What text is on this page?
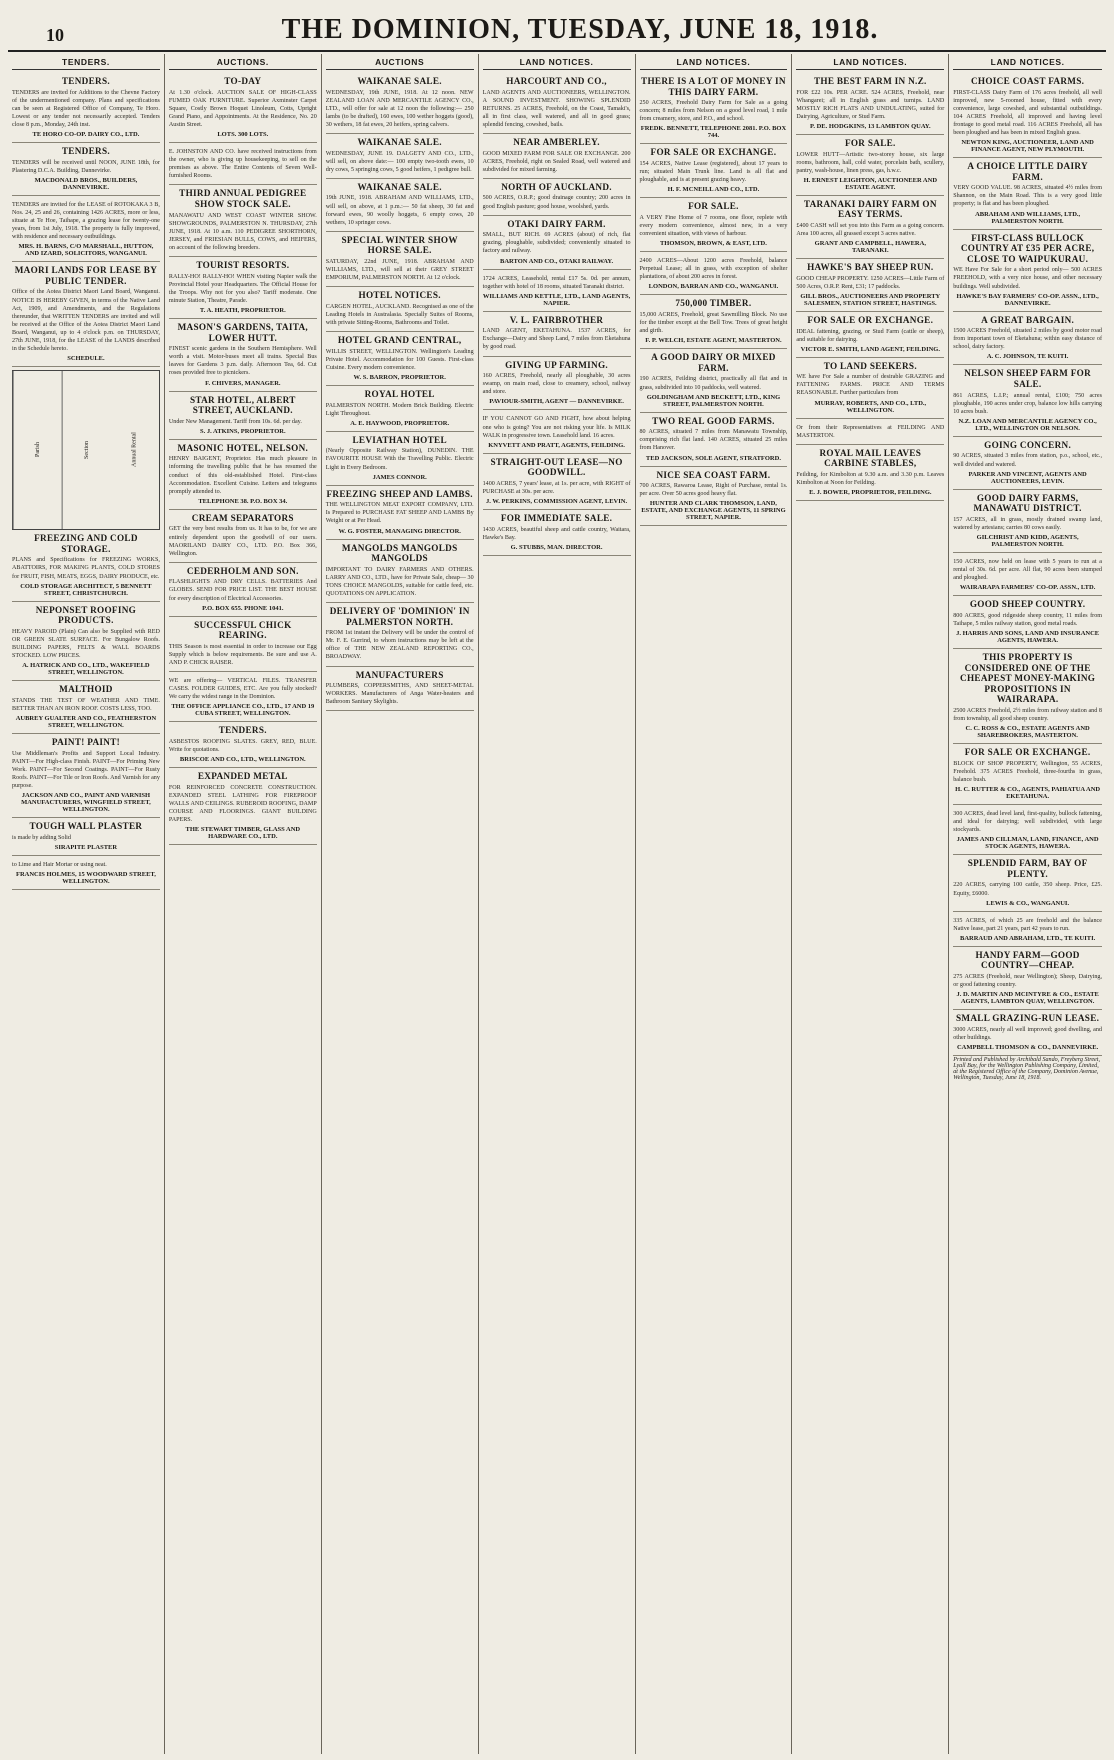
10	THE DOMINION, TUESDAY, JUNE 18, 1918.
TENDERS.
TENDERS.
TENDERS are invited for Additions to the Chevne Factory of the undermentioned company. Plans and specifications can be seen at Registered Office of Company, Te Horo. Lowest or any tender not necessarily accepted. Tenders close 8 p.m., Monday, 24th inst.
TE HORO CO-OP. DAIRY CO., LTD.
TENDERS.
TENDERS will be received until NOON, JUNE 18th, for Plastering D.C.A. Building, Dannevirke.
MACDONALD BROS., BUILDERS, DANNEVIRKE.
TENDERS are invited for the LEASE of ROTOKAKA 3 B, Nos. 24, 25 and 26, containing 1426 ACRES, more or less, situate at Te Hoe, Taihape, a grazing lease for twenty-one years, from 1st July, 1918. The property is fully improved, with residence and necessary outbuildings.
MRS. H. BARNS, C/O MARSHALL, HUTTON, AND IZARD, SOLICITORS, WANGANUI.
MAORI LANDS FOR LEASE BY PUBLIC TENDER.
Office of the Aotea District Maori Land Board, Wanganui. NOTICE IS HEREBY GIVEN, in terms of the Native Land Act, 1909, and Amendments, and the Regulations thereunder, that WRITTEN TENDERS are invited and will be received at the Office of the Aotea District Maori Land Board, Wanganui, up to 4 o'clock p.m. on THURSDAY, 27th JUNE, 1918, for the LEASE of the LANDS described in the Schedule hereto.
SCHEDULE.
Parish	Section	Annual Rental
FREEZING AND COLD STORAGE.
PLANS and Specifications for FREEZING WORKS, ABATTOIRS, FOR MAKING PLANTS, COLD STORES for FRUIT, FISH, MEATS, EGGS, DAIRY PRODUCE, etc.
COLD STORAGE ARCHITECT, 5 BENNETT STREET, CHRISTCHURCH.
NEPONSET ROOFING PRODUCTS.
HEAVY PAROID (Plain) Can also be Supplied with RED OR GREEN SLATE SURFACE. For Bungalow Roofs. BUILDING PAPERS, FELTS & WALL BOARDS STOCKED. LOW PRICES.
A. HATRICK AND CO., LTD., WAKEFIELD STREET, WELLINGTON.
MALTHOID
STANDS THE TEST OF WEATHER AND TIME. BETTER THAN AN IRON ROOF. COSTS LESS, TOO.
AUBREY GUALTER AND CO., FEATHERSTON STREET, WELLINGTON.
PAINT! PAINT!
Use Middleman's Profits and Support Local Industry. PAINT—For High-class Finish. PAINT—For Priming New Work. PAINT—For Second Coatings. PAINT—For Rusty Roofs. PAINT—For Tile or Iron Roofs. And Varnish for any purpose.
JACKSON AND CO., PAINT AND VARNISH MANUFACTURERS, WINGFIELD STREET, WELLINGTON.
TOUGH WALL PLASTER
is made by adding Solid
SIRAPITE PLASTER
to Lime and Hair Mortar or using neat.
FRANCIS HOLMES, 15 WOODWARD STREET, WELLINGTON.
AUCTIONS.
TO-DAY
At 1.30 o'clock. AUCTION SALE OF HIGH-CLASS FUMED OAK FURNITURE. Superior Axminster Carpet Square, Costly Brown Hoquet Linoleum, Cotts, Upright Grand Piano, and Appointments. At the Residence, No. 20 Austin Street.
LOTS. 300 LOTS.
E. JOHNSTON AND CO. have received instructions from the owner, who is giving up housekeeping, to sell on the premises as above. The Entire Contents of Seven Well-furnished Rooms.
THIRD ANNUAL PEDIGREE SHOW STOCK SALE.
MANAWATU AND WEST COAST WINTER SHOW. SHOWGROUNDS, PALMERSTON N. THURSDAY, 27th JUNE, 1918. At 10 a.m. 110 PEDIGREE SHORTHORN, JERSEY, and FRIESIAN BULLS, COWS, and HEIFERS, on account of the following breeders.
TOURIST RESORTS.
RALLY-HO! RALLY-HO! WHEN visiting Napier walk the Provincial Hotel your Headquarters. The Official House for the Troops. Why not for you also? Tariff moderate. One minute Station, Theatre, Parade.
T. A. HEATH, PROPRIETOR.
MASON'S GARDENS, TAITA, LOWER HUTT.
FINEST scenic gardens in the Southern Hemisphere. Well worth a visit. Motor-buses meet all trains. Special Bus leaves for Gardens 3 p.m. daily. Afternoon Tea, 6d. Cut roses provided free to picnickers.
F. CHIVERS, MANAGER.
STAR HOTEL, ALBERT STREET, AUCKLAND.
Under New Management. Tariff from 10s. 6d. per day.
S. J. ATKINS, PROPRIETOR.
MASONIC HOTEL, NELSON.
HENRY BAIGENT, Proprietor. Has much pleasure in informing the travelling public that he has resumed the conduct of this old-established Hotel. First-class Accommodation. Excellent Cuisine. Letters and telegrams promptly attended to.
TELEPHONE 38. P.O. BOX 34.
CREAM SEPARATORS
GET the very best results from us. It has to be, for we are entirely dependent upon the goodwill of our users. MAORILAND DAIRY CO., LTD. P.O. Box 366, Wellington.
CEDERHOLM AND SON.
FLASHLIGHTS AND DRY CELLS. BATTERIES And GLOBES. SEND FOR PRICE LIST. THE BEST HOUSE for every description of Electrical Accessories.
P.O. BOX 655. PHONE 1041.
SUCCESSFUL CHICK REARING.
THIS Season is most essential in order to increase our Egg Supply which is below requirements. Be sure and use A. AND P. CHICK RAISER.
WE are offering— VERTICAL FILES. TRANSFER CASES. FOLDER GUIDES, ETC. Are you fully stocked? We carry the widest range in the Dominion.
THE OFFICE APPLIANCE CO., LTD., 17 AND 19 CUBA STREET, WELLINGTON.
TENDERS.
ASBESTOS ROOFING SLATES. GREY, RED, BLUE. Write for quotations.
BRISCOE AND CO., LTD., WELLINGTON.
EXPANDED METAL
FOR REINFORCED CONCRETE CONSTRUCTION. EXPANDED STEEL LATHING FOR FIREPROOF WALLS AND CEILINGS. RUBEROID ROOFING, DAMP COURSE AND FLOORINGS. GIANT BUILDING PAPERS.
THE STEWART TIMBER, GLASS AND HARDWARE CO., LTD.
AUCTIONS
WAIKANAE SALE.
WEDNESDAY, 19th JUNE, 1918. At 12 noon. NEW ZEALAND LOAN AND MERCANTILE AGENCY CO., LTD., will offer for sale at 12 noon the following:— 250 lambs (to be drafted), 160 ewes, 100 wether hoggets (good), 30 wethers, 18 fat ewes, 20 heifers, spring calvers.
WAIKANAE SALE.
WEDNESDAY, JUNE 19. DALGETY AND CO., LTD., will sell, on above date:— 100 empty two-tooth ewes, 10 dry cows, 5 springing cows, 5 good heifers, 1 pedigree bull.
WAIKANAE SALE.
19th JUNE, 1918. ABRAHAM AND WILLIAMS, LTD., will sell, on above, at 1 p.m.:— 50 fat sheep, 30 fat and forward ewes, 90 woolly hoggets, 6 empty cows, 20 wethers, 10 springer cows.
SPECIAL WINTER SHOW HORSE SALE.
SATURDAY, 22nd JUNE, 1918. ABRAHAM AND WILLIAMS, LTD., will sell at their GREY STREET EMPORIUM, PALMERSTON NORTH. At 12 o'clock.
HOTEL NOTICES.
CARGEN HOTEL, AUCKLAND. Recognised as one of the Leading Hotels in Australasia. Specially Suites of Rooms, with private Sitting-Rooms, Bathrooms and Toilet.
HOTEL GRAND CENTRAL,
WILLIS STREET, WELLINGTON. Wellington's Leading Private Hotel. Accommodation for 100 Guests. First-class Cuisine. Every modern convenience.
W. S. BARRON, PROPRIETOR.
ROYAL HOTEL
PALMERSTON NORTH. Modern Brick Building. Electric Light Throughout.
A. E. HAYWOOD, PROPRIETOR.
LEVIATHAN HOTEL
(Nearly Opposite Railway Station), DUNEDIN. THE FAVOURITE HOUSE With the Travelling Public. Electric Light in Every Bedroom.
JAMES CONNOR.
FREEZING SHEEP AND LAMBS.
THE WELLINGTON MEAT EXPORT COMPANY, LTD. Is Prepared to PURCHASE FAT SHEEP AND LAMBS By Weight or at Per Head.
W. G. FOSTER, MANAGING DIRECTOR.
MANGOLDS MANGOLDS MANGOLDS
IMPORTANT TO DAIRY FARMERS AND OTHERS. LARRY AND CO., LTD., have for Private Sale, cheap— 30 TONS CHOICE MANGOLDS, suitable for cattle feed, etc. QUOTATIONS ON APPLICATION.
DELIVERY OF 'DOMINION' IN PALMERSTON NORTH.
FROM 1st instant the Delivery will be under the control of Mr. F. E. Gurrind, to whom instructions may be left at the office of THE NEW ZEALAND REPORTING CO., BROADWAY.
MANUFACTURERS
PLUMBERS, COPPERSMITHS, AND SHEET-METAL WORKERS. Manufacturers of Anga Water-heaters and Bathroom Sanitary Skylights.
LAND NOTICES.
HARCOURT AND CO.,
LAND AGENTS AND AUCTIONEERS, WELLINGTON. A SOUND INVESTMENT. SHOWING SPLENDID RETURNS. 25 ACRES, Freehold, on the Coast, Tamaki's, all in first class, well watered, and all in good grass; splendid fencing, cowshed, bails.
NEAR AMBERLEY.
GOOD MIXED FARM FOR SALE OR EXCHANGE. 200 ACRES, Freehold, right on Sealed Road, well watered and subdivided for mixed farming.
NORTH OF AUCKLAND.
500 ACRES, O.R.P.; good drainage country; 200 acres in good English pasture; good house, woolshed, yards.
OTAKI DAIRY FARM.
SMALL, BUT RICH. 69 ACRES (about) of rich, flat grazing, ploughable, subdivided; conveniently situated to factory and railway.
BARTON AND CO., OTAKI RAILWAY.
1724 ACRES, Leasehold, rental £17 5s. 0d. per annum, together with hotel of 18 rooms, situated Taranaki district.
WILLIAMS AND KETTLE, LTD., LAND AGENTS, NAPIER.
V. L. FAIRBROTHER
LAND AGENT, EKETAHUNA. 1537 ACRES, for Exchange—Dairy and Sheep Land, 7 miles from Eketahuna by good road.
GIVING UP FARMING.
160 ACRES, Freehold, nearly all ploughable, 30 acres swamp, on main road, close to creamery, school, railway and store.
PAVIOUR-SMITH, AGENT — DANNEVIRKE.
IF YOU CANNOT GO AND FIGHT, how about helping one who is going? You are not risking your life. Is MILK WALK in progressive town. Leasehold land. 16 acres.
KNYVETT AND PRATT, AGENTS, FEILDING.
STRAIGHT-OUT LEASE—NO GOODWILL.
1400 ACRES, 7 years' lease, at 1s. per acre, with RIGHT of PURCHASE at 30s. per acre.
J. W. PERKINS, COMMISSION AGENT, LEVIN.
FOR IMMEDIATE SALE.
1430 ACRES, beautiful sheep and cattle country, Waitara, Hawke's Bay.
G. STUBBS, MAN. DIRECTOR.
LAND NOTICES.
THERE IS A LOT OF MONEY IN THIS DAIRY FARM.
250 ACRES, Freehold Dairy Farm for Sale as a going concern; 8 miles from Nelson on a good level road, 1 mile from creamery, store, and P.O., and school.
FREDK. BENNETT, TELEPHONE 2081. P.O. BOX 744.
FOR SALE OR EXCHANGE.
154 ACRES, Native Lease (registered), about 17 years to run; situated Main Trunk line. Land is all flat and ploughable, and is at present grazing heavy.
H. F. MCNEILL AND CO., LTD.
FOR SALE.
A VERY Fine Home of 7 rooms, one floor, replete with every modern convenience, almost new, in a very convenient situation, with views of harbour.
THOMSON, BROWN, & EAST, LTD.
2400 ACRES—About 1200 acres Freehold, balance Perpetual Lease; all in grass, with exception of shelter plantations, of about 200 acres in forest.
LONDON, BARRAN AND CO., WANGANUI.
750,000 TIMBER.
15,000 ACRES, Freehold, great Sawmilling Block. No use for the timber except at the Bell Tow. Trees of great height and girth.
F. P. WELCH, ESTATE AGENT, MASTERTON.
A GOOD DAIRY OR MIXED FARM.
190 ACRES, Feilding district, practically all flat and in grass, subdivided into 10 paddocks, well watered.
GOLDINGHAM AND BECKETT, LTD., KING STREET, PALMERSTON NORTH.
TWO REAL GOOD FARMS.
80 ACRES, situated 7 miles from Manawatu Township, comprising rich flat land. 140 ACRES, situated 25 miles from Hanover.
TED JACKSON, SOLE AGENT, STRATFORD.
NICE SEA COAST FARM.
700 ACRES, Rawaroa Lease, Right of Purchase, rental 1s. per acre. Over 50 acres good heavy flat.
HUNTER AND CLARK THOMSON, LAND, ESTATE, AND EXCHANGE AGENTS, 11 SPRING STREET, NAPIER.
LAND NOTICES.
THE BEST FARM IN N.Z.
FOR £22 10s. PER ACRE. 524 ACRES, Freehold, near Whangarei; all in English grass and turnips. LAND MOSTLY RICH FLATS AND UNDULATING, suited for Dairying, Agriculture, or Stud Farm.
P. DE. HODGKINS, 13 LAMBTON QUAY.
FOR SALE.
LOWER HUTT—Artistic two-storey house, six large rooms, bathroom, hall, cold water, porcelain bath, scullery, pantry, wash-house, linen press, gas, h.w.c.
H. ERNEST LEIGHTON, AUCTIONEER AND ESTATE AGENT.
TARANAKI DAIRY FARM ON EASY TERMS.
£400 CASH will set you into this Farm as a going concern. Area 100 acres, all grassed except 3 acres native.
GRANT AND CAMPBELL, HAWERA, TARANAKI.
HAWKE'S BAY SHEEP RUN.
GOOD CHEAP PROPERTY. 1250 ACRES—Little Farm of 500 Acres, O.R.P. Rent, £31; 17 paddocks.
GILL BROS., AUCTIONEERS AND PROPERTY SALESMEN, STATION STREET, HASTINGS.
FOR SALE OR EXCHANGE.
IDEAL fattening, grazing, or Stud Farm (cattle or sheep), and suitable for dairying.
VICTOR E. SMITH, LAND AGENT, FEILDING.
TO LAND SEEKERS.
WE have For Sale a number of desirable GRAZING and FATTENING FARMS. PRICE AND TERMS REASONABLE. Further particulars from
MURRAY, ROBERTS, AND CO., LTD., WELLINGTON.
Or from their Representatives at FEILDING AND MASTERTON.
ROYAL MAIL LEAVES CARBINE STABLES,
Feilding, for Kimbolton at 9.30 a.m. and 3.30 p.m. Leaves Kimbolton at Noon for Feilding.
E. J. BOWER, PROPRIETOR, FEILDING.
LAND NOTICES.
CHOICE COAST FARMS.
FIRST-CLASS Dairy Farm of 176 acres freehold, all well improved, new 5-roomed house, fitted with every convenience, large cowshed, and substantial outbuildings. 104 ACRES Freehold, all improved and having level frontage to good metal road. 116 ACRES Freehold, all has been ploughed and has been in mixed English grass.
NEWTON KING, AUCTIONEER, LAND AND FINANCE AGENT, NEW PLYMOUTH.
A CHOICE LITTLE DAIRY FARM.
VERY GOOD VALUE. 98 ACRES, situated 4½ miles from Shannon, on the Main Road. This is a very good little property; is flat and has been ploughed.
ABRAHAM AND WILLIAMS, LTD., PALMERSTON NORTH.
FIRST-CLASS BULLOCK COUNTRY AT £35 PER ACRE, CLOSE TO WAIPUKURAU.
WE Have For Sale for a short period only— 500 ACRES FREEHOLD, with a very nice house, and other necessary buildings. Well subdivided.
HAWKE'S BAY FARMERS' CO-OP. ASSN., LTD., DANNEVIRKE.
A GREAT BARGAIN.
1500 ACRES Freehold, situated 2 miles by good motor road from important town of Eketahuna; within easy distance of school, dairy factory.
A. C. JOHNSON, TE KUITI.
NELSON SHEEP FARM FOR SALE.
861 ACRES, L.I.P.; annual rental, £100; 750 acres ploughable, 190 acres under crop, balance low hills carrying 10 acres bush.
N.Z. LOAN AND MERCANTILE AGENCY CO., LTD., WELLINGTON OR NELSON.
GOING CONCERN.
90 ACRES, situated 3 miles from station, p.o., school, etc., well divided and watered.
PARKER AND VINCENT, AGENTS AND AUCTIONEERS, LEVIN.
GOOD DAIRY FARMS, MANAWATU DISTRICT.
157 ACRES, all in grass, mostly drained swamp land, watered by artesians; carries 80 cows easily.
GILCHRIST AND KIDD, AGENTS, PALMERSTON NORTH.
150 ACRES, now held on lease with 5 years to run at a rental of 30s. 6d. per acre. All flat, 90 acres been stumped and ploughed.
WAIRARAPA FARMERS' CO-OP. ASSN., LTD.
GOOD SHEEP COUNTRY.
800 ACRES, good ridgeside sheep country, 11 miles from Taihape, 5 miles railway station, good metal roads.
J. HARRIS AND SONS, LAND AND INSURANCE AGENTS, HAWERA.
THIS PROPERTY IS CONSIDERED ONE OF THE CHEAPEST MONEY-MAKING PROPOSITIONS IN WAIRARAPA.
2500 ACRES Freehold, 2½ miles from railway station and 8 from township, all good sheep country.
C. C. ROSS & CO., ESTATE AGENTS AND SHAREBROKERS, MASTERTON.
FOR SALE OR EXCHANGE.
BLOCK OF SHOP PROPERTY, Wellington, 55 ACRES, Freehold. 375 ACRES Freehold, three-fourths in grass, balance bush.
H. C. RUTTER & CO., AGENTS, PAHIATUA AND EKETAHUNA.
300 ACRES, dead level land, first-quality, bullock fattening, and ideal for dairying; well subdivided, with large stockyards.
JAMES AND CILLMAN, LAND, FINANCE, AND STOCK AGENTS, HAWERA.
SPLENDID FARM, BAY OF PLENTY.
220 ACRES, carrying 100 cattle, 350 sheep. Price, £25. Equity, £6000.
LEWIS & CO., WANGANUI.
335 ACRES, of which 25 are freehold and the balance Native lease, part 21 years, part 42 years to run.
BARRAUD AND ABRAHAM, LTD., TE KUITI.
HANDY FARM—GOOD COUNTRY—CHEAP.
275 ACRES (Freehold, near Wellington); Sheep, Dairying, or good fattening country.
J. D. MARTIN AND MCINTYRE & CO., ESTATE AGENTS, LAMBTON QUAY, WELLINGTON.
SMALL GRAZING-RUN LEASE.
3000 ACRES, nearly all well improved; good dwelling, and other buildings.
CAMPBELL THOMSON & CO., DANNEVIRKE.
Printed and Published by Archibald Sando, Freyberg Street, Lyall Bay, for the Wellington Publishing Company, Limited, at the Registered Office of the Company, Dominion Avenue, Wellington, Tuesday, June 18, 1918.
